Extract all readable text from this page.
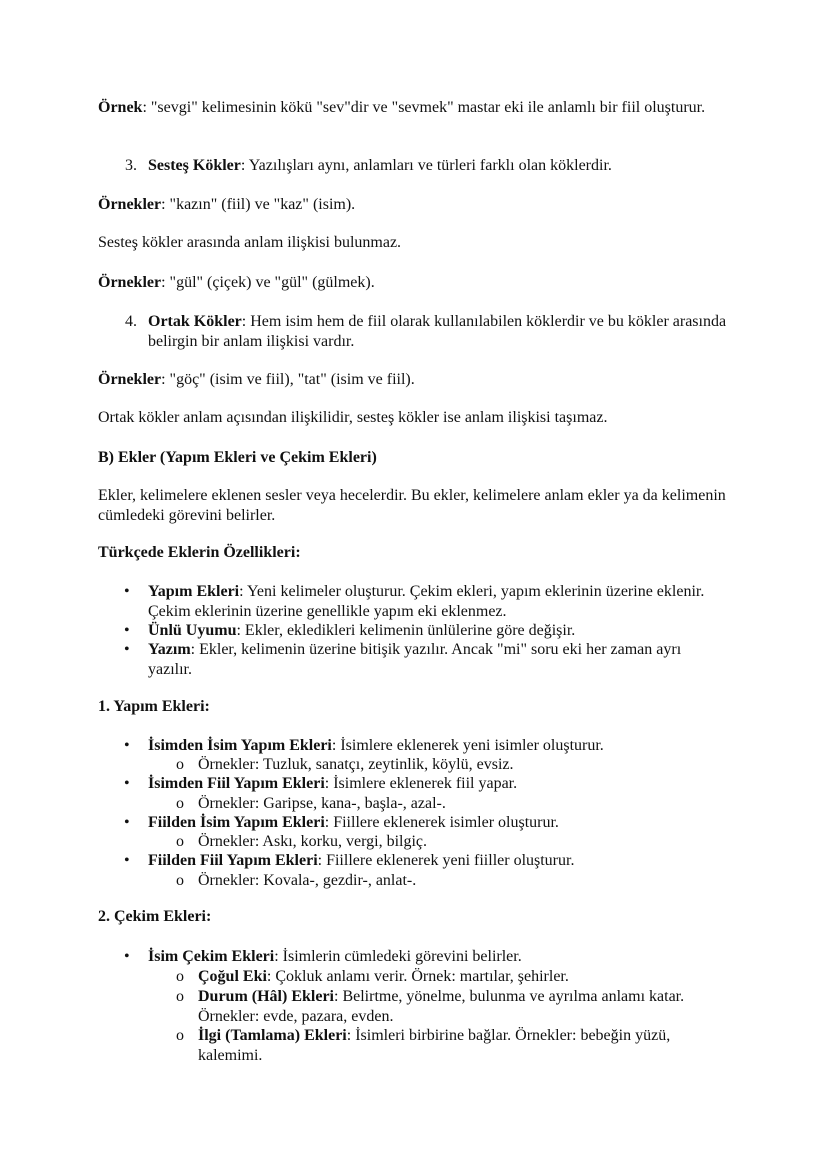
Örnek: "sevgi" kelimesinin kökü "sev"dir ve "sevmek" mastar eki ile anlamlı bir fiil oluşturur.
3. Sesteş Kökler: Yazılışları aynı, anlamları ve türleri farklı olan köklerdir.
Örnekler: "kazın" (fiil) ve "kaz" (isim).
Sesteş kökler arasında anlam ilişkisi bulunmaz.
Örnekler: "gül" (çiçek) ve "gül" (gülmek).
4. Ortak Kökler: Hem isim hem de fiil olarak kullanılabilen köklerdir ve bu kökler arasında belirgin bir anlam ilişkisi vardır.
Örnekler: "göç" (isim ve fiil), "tat" (isim ve fiil).
Ortak kökler anlam açısından ilişkilidir, sesteş kökler ise anlam ilişkisi taşımaz.
B) Ekler (Yapım Ekleri ve Çekim Ekleri)
Ekler, kelimelere eklenen sesler veya hecelerdir. Bu ekler, kelimelere anlam ekler ya da kelimenin cümledeki görevini belirler.
Türkçede Eklerin Özellikleri:
• Yapım Ekleri: Yeni kelimeler oluşturur. Çekim ekleri, yapım eklerinin üzerine eklenir. Çekim eklerinin üzerine genellikle yapım eki eklenmez.
• Ünlü Uyumu: Ekler, ekledikleri kelimenin ünlülerine göre değişir.
• Yazım: Ekler, kelimenin üzerine bitişik yazılır. Ancak "mi" soru eki her zaman ayrı yazılır.
1. Yapım Ekleri:
• İsimden İsim Yapım Ekleri: İsimlere eklenerek yeni isimler oluşturur.
o Örnekler: Tuzluk, sanatçı, zeytinlik, köylü, evsiz.
• İsimden Fiil Yapım Ekleri: İsimlere eklenerek fiil yapar.
o Örnekler: Garipse, kana-, başla-, azal-.
• Fiilden İsim Yapım Ekleri: Fiillere eklenerek isimler oluşturur.
o Örnekler: Askı, korku, vergi, bilgiç.
• Fiilden Fiil Yapım Ekleri: Fiillere eklenerek yeni fiiller oluşturur.
o Örnekler: Kovala-, gezdir-, anlat-.
2. Çekim Ekleri:
• İsim Çekim Ekleri: İsimlerin cümledeki görevini belirler.
o Çoğul Eki: Çokluk anlamı verir. Örnek: martılar, şehirler.
o Durum (Hâl) Ekleri: Belirtme, yönelme, bulunma ve ayrılma anlamı katar. Örnekler: evde, pazara, evden.
o İlgi (Tamlama) Ekleri: İsimleri birbirine bağlar. Örnekler: bebeğin yüzü, kalemimi.
